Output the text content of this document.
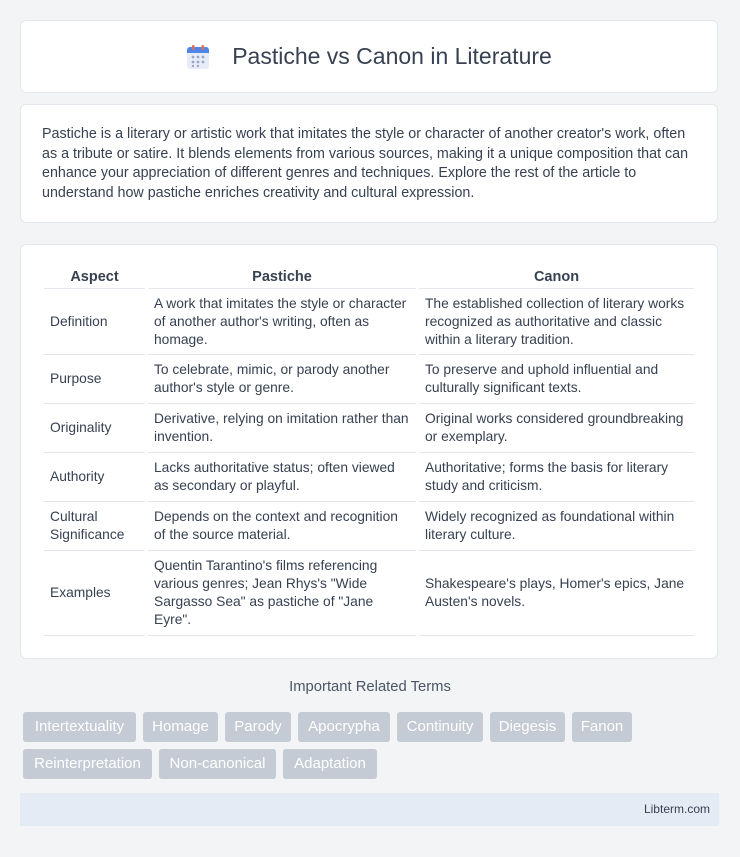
Pastiche vs Canon in Literature

Pastiche is a literary or artistic work that imitates the style or character of another creator's work, often as a tribute or satire. It blends elements from various sources, making it a unique composition that can enhance your appreciation of different genres and techniques. Explore the rest of the article to understand how pastiche enriches creativity and cultural expression.

Aspect	Pastiche	Canon
Definition	A work that imitates the style or character of another author's writing, often as homage.	The established collection of literary works recognized as authoritative and classic within a literary tradition.
Purpose	To celebrate, mimic, or parody another author's style or genre.	To preserve and uphold influential and culturally significant texts.
Originality	Derivative, relying on imitation rather than invention.	Original works considered groundbreaking or exemplary.
Authority	Lacks authoritative status; often viewed as secondary or playful.	Authoritative; forms the basis for literary study and criticism.
Cultural Significance	Depends on the context and recognition of the source material.	Widely recognized as foundational within literary culture.
Examples	Quentin Tarantino's films referencing various genres; Jean Rhys's "Wide Sargasso Sea" as pastiche of "Jane Eyre".	Shakespeare's plays, Homer's epics, Jane Austen's novels.
Important Related Terms
Intertextuality	Homage	Parody	Apocrypha	Continuity	Diegesis	Fanon
Reinterpretation	Non-canonical	Adaptation
Libterm.com
